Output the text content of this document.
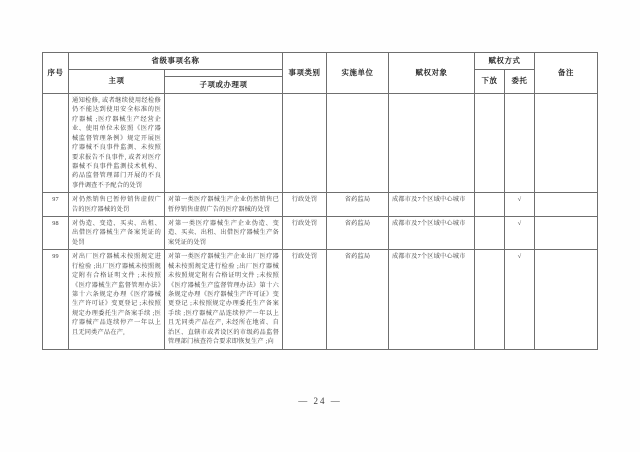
序号	省级事项名称		事项类别	实施单位	赋权对象	赋权方式		备注
	主项					下放	委托	
		子项或办理项						
	通知检修, 或者继续使用经检修仍不能达到使用安全标准的医疗器械 ;医疗器械生产经营企业、使用单位未依照《医疗器械监督管理条例》规定开展医疗器械不良事件监测、未按照要求报告不良事件, 或者对医疗器械不良事件监测技术机构、药品监督管理部门开展的不良事件调查不予配合的处罚							
97	对仍然销售已暂停销售虚假广告的医疗器械的处罚	对第一类医疗器械生产企业仍然销售已暂停销售虚假广告的医疗器械的处罚	行政处罚	省药监局	成都市及7个区域中心城市		√	
98	对伪造、变造、买卖、出租、出借医疗器械生产备案凭证的处罚	对第一类医疗器械生产企业伪造、变造、买卖、出租、出借医疗器械生产备案凭证的处罚	行政处罚	省药监局	成都市及7个区域中心城市		√	
99	对出厂医疗器械未按照规定进行检验 ;出厂医疗器械未按照规定附有合格证明文件 ;未按照《医疗器械生产监督管理办法》第十六条规定办理《医疗器械生产许可证》变更登记 ;未按照规定办理委托生产备案手续 ;医疗器械产品连续停产一年以上且无同类产品在产,	对第一类医疗器械生产企业出厂医疗器械未按照规定进行检验 ;出厂医疗器械未按照规定附有合格证明文件 ;未按照《医疗器械生产监督管理办法》第十六条规定办理《医疗器械生产许可证》变更登记 ;未按照规定办理委托生产备案手续 ;医疗器械产品连续停产一年以上且无同类产品在产, 未经所在地省、自治区、直辖市或者设区的市级药品监督管理部门核查符合要求即恢复生产 ;向	行政处罚	省药监局	成都市及7个区域中心城市		√	
— 24 —
